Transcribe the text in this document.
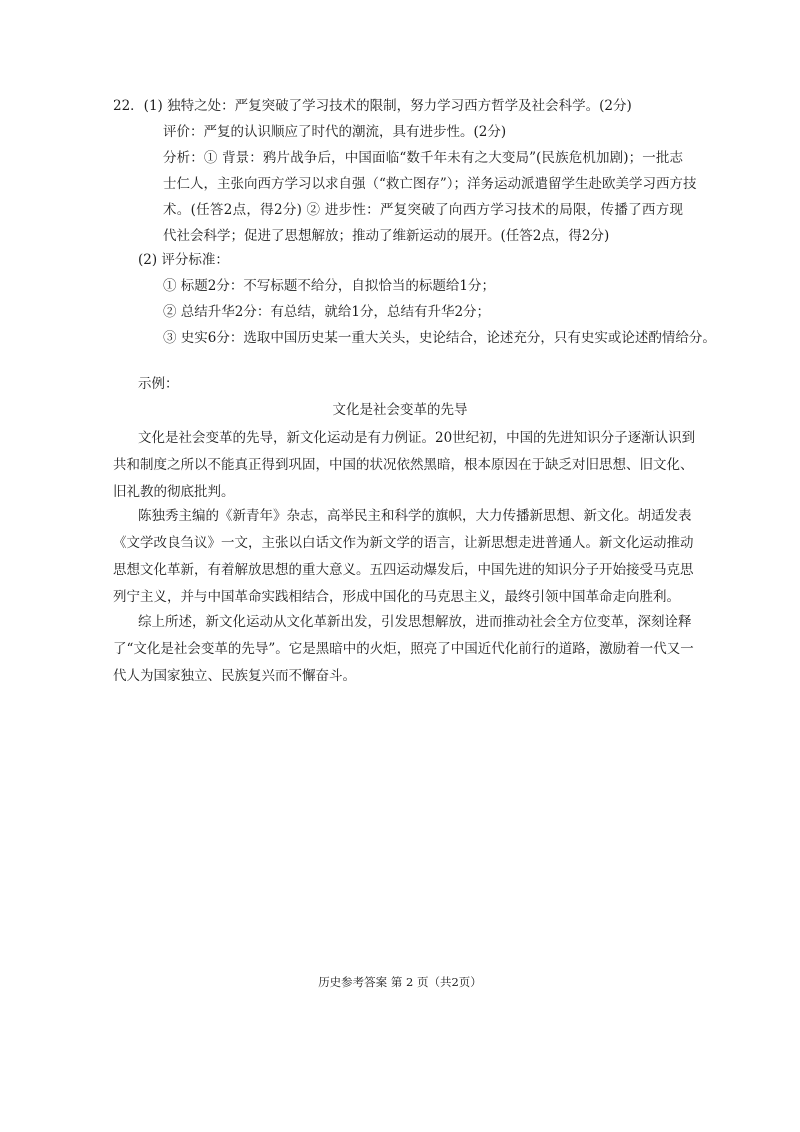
22．(1) 独特之处：严复突破了学习技术的限制，努力学习西方哲学及社会科学。(2分)
评价：严复的认识顺应了时代的潮流，具有进步性。(2分)
分析：① 背景：鸦片战争后，中国面临“数千年未有之大变局”(民族危机加剧)；一批志
士仁人，主张向西方学习以求自强（“救亡图存”）；洋务运动派遣留学生赴欧美学习西方技
术。(任答2点，得2分) ② 进步性：严复突破了向西方学习技术的局限，传播了西方现
代社会科学；促进了思想解放；推动了维新运动的展开。(任答2点，得2分)
(2) 评分标准：
① 标题2分：不写标题不给分，自拟恰当的标题给1分；
② 总结升华2分：有总结，就给1分，总结有升华2分；
③ 史实6分：选取中国历史某一重大关头，史论结合，论述充分，只有史实或论述酌情给分。
示例：
文化是社会变革的先导
文化是社会变革的先导，新文化运动是有力例证。20世纪初，中国的先进知识分子逐渐认识到
共和制度之所以不能真正得到巩固，中国的状况依然黑暗，根本原因在于缺乏对旧思想、旧文化、
旧礼教的彻底批判。
陈独秀主编的《新青年》杂志，高举民主和科学的旗帜，大力传播新思想、新文化。胡适发表
《文学改良刍议》一文，主张以白话文作为新文学的语言，让新思想走进普通人。新文化运动推动
思想文化革新，有着解放思想的重大意义。五四运动爆发后，中国先进的知识分子开始接受马克思
列宁主义，并与中国革命实践相结合，形成中国化的马克思主义，最终引领中国革命走向胜利。
综上所述，新文化运动从文化革新出发，引发思想解放，进而推动社会全方位变革，深刻诠释
了“文化是社会变革的先导”。它是黑暗中的火炬，照亮了中国近代化前行的道路，激励着一代又一
代人为国家独立、民族复兴而不懈奋斗。
历史参考答案 第 2 页（共2页）
